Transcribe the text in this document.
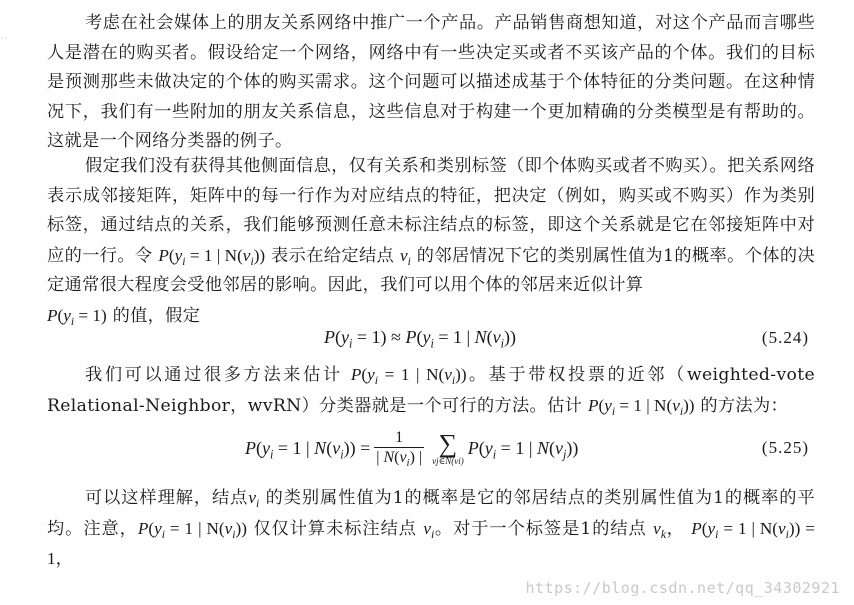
..

考虑在社会媒体上的朋友关系网络中推广一个产品。产品销售商想知道，对这个产品而言哪些人是潜在的购买者。假设给定一个网络，网络中有一些决定买或者不买该产品的个体。我们的目标是预测那些未做决定的个体的购买需求。这个问题可以描述成基于个体特征的分类问题。在这种情况下，我们有一些附加的朋友关系信息，这些信息对于构建一个更加精确的分类模型是有帮助的。这就是一个网络分类器的例子。

假定我们没有获得其他侧面信息，仅有关系和类别标签（即个体购买或者不购买）。把关系网络表示成邻接矩阵，矩阵中的每一行作为对应结点的特征，把决定（例如，购买或不购买）作为类别标签，通过结点的关系，我们能够预测任意未标注结点的标签，即这个关系就是它在邻接矩阵中对应的一行。令 $P(y_i = 1$ | $N(v_i)$) 表示在给定结点 $v_i$ 的邻居情况下它的类别属性值为1的概率。个体的决定通常很大程度会受他邻居的影响。因此，我们可以用个体的邻居来近似计算
$P(y_i = 1)$ 的值，假定

$P(y_i = 1) \approx P(y_i = 1$ | $N(v_i)$)	(5.24)

我们可以通过很多方法来估计 $P(y_i = 1$ | $N(v_i)$)。基于带权投票的近邻（weighted-vote Relational-Neighbor，wvRN）分类器就是一个可行的方法。估计 $P(y_i = 1$ | $N(v_i)$) 的方法为：

$P(y_i = 1$ | $N(v_i)) = \frac{1}{| N(v_i) |}$ ∑
vj∈N(vi)
$P(y_i = 1$ | $N(v_j)$)	(5.25)

可以这样理解，结点$v_i$ 的类别属性值为1的概率是它的邻居结点的类别属性值为1的概率的平均。注意，$P(y_i = 1$ | $N(v_i)$) 仅仅计算未标注结点 $v_i$。对于一个标签是1的结点 $v_k$， $P(y_i = 1$ | $N(v_i)) = 1$，

https://blog.csdn.net/qq_34302921
